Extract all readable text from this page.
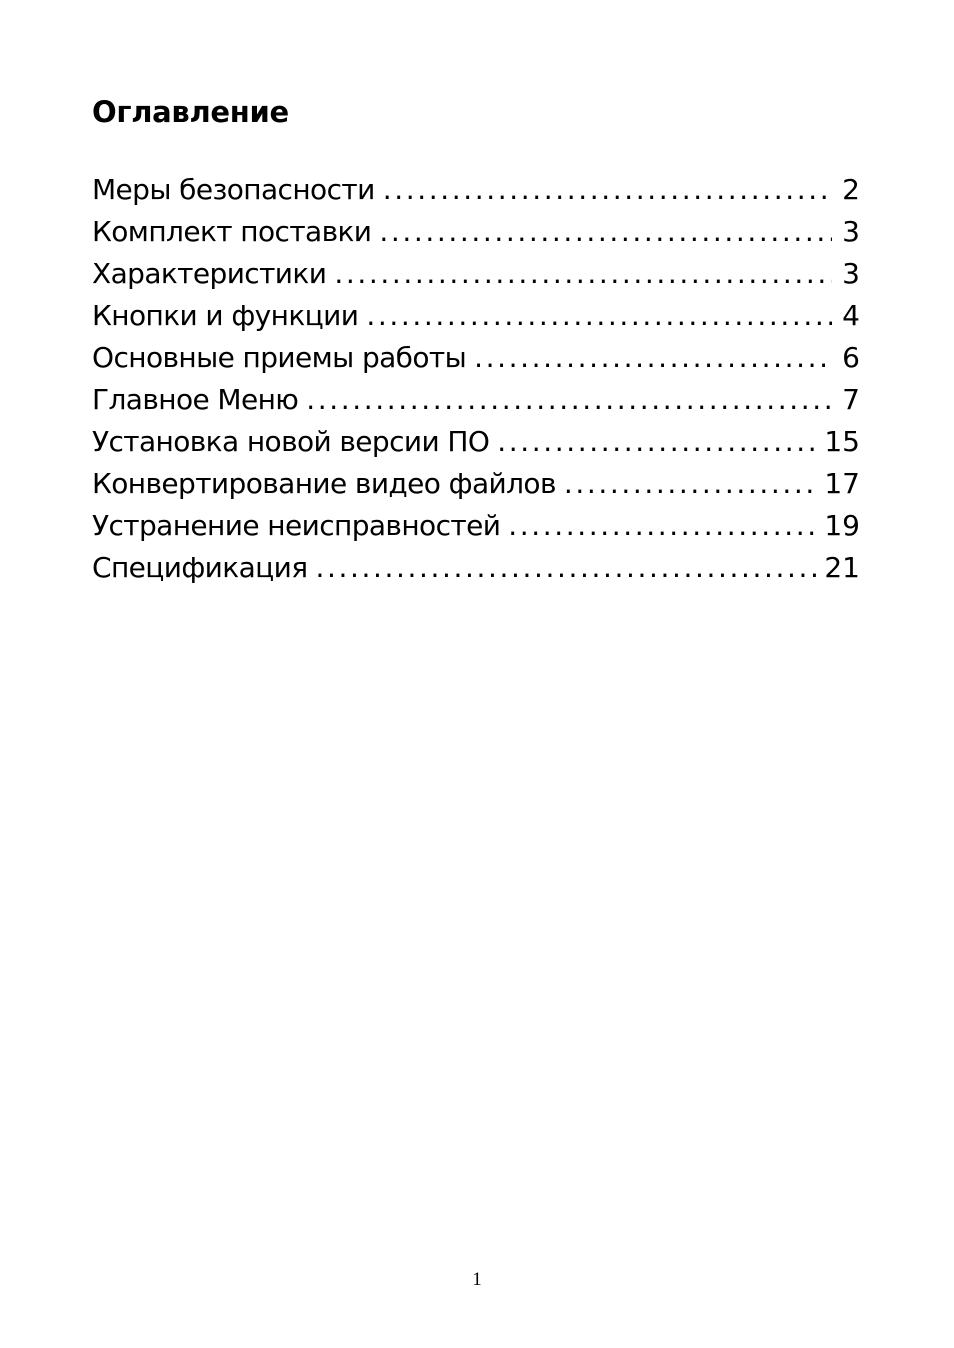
Оглавление
Меры безопасности .....	2
Комплект поставки .....	3
Характеристики .....	3
Кнопки и функции .....	4
Основные приемы работы .....	6
Главное Меню .....	7
Установка новой версии ПО .....	15
Конвертирование видео файлов .....	17
Устранение неисправностей .....	19
Спецификация .....	21
1
